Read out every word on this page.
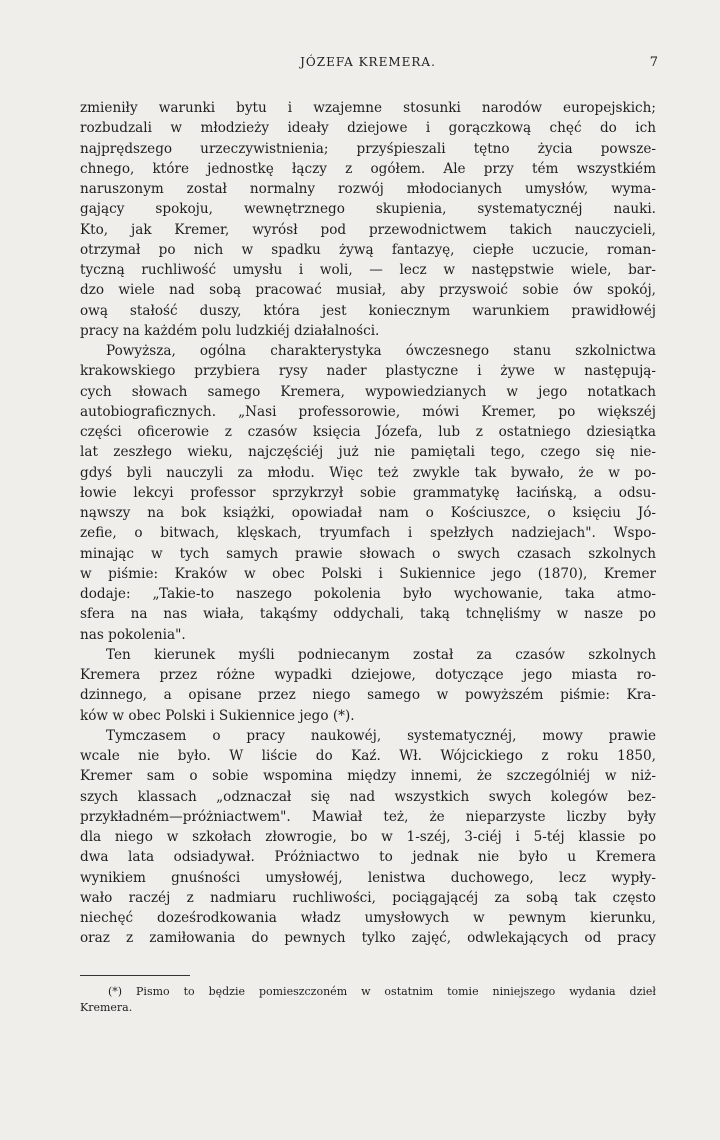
JÓZEFA KREMERA.	7
zmieniły warunki bytu i wzajemne stosunki narodów europejskich;
rozbudzali w młodzieży ideały dziejowe i gorączkową chęć do ich
najprędszego urzeczywistnienia; przyśpieszali tętno życia powsze-
chnego, które jednostkę łączy z ogółem. Ale przy tém wszystkiém
naruszonym został normalny rozwój młodocianych umysłów, wyma-
gający spokoju, wewnętrznego skupienia, systematycznéj nauki.
Kto, jak Kremer, wyrósł pod przewodnictwem takich nauczycieli,
otrzymał po nich w spadku żywą fantazyę, ciepłe uczucie, roman-
tyczną ruchliwość umysłu i woli, — lecz w następstwie wiele, bar-
dzo wiele nad sobą pracować musiał, aby przyswoić sobie ów spokój,
ową stałość duszy, która jest koniecznym warunkiem prawidłowéj
pracy na każdém polu ludzkiéj działalności.
Powyższa, ogólna charakterystyka ówczesnego stanu szkolnictwa
krakowskiego przybiera rysy nader plastyczne i żywe w następują-
cych słowach samego Kremera, wypowiedzianych w jego notatkach
autobiograficznych. „Nasi professorowie, mówi Kremer, po większéj
części oficerowie z czasów księcia Józefa, lub z ostatniego dziesiątka
lat zeszłego wieku, najczęściéj już nie pamiętali tego, czego się nie-
gdyś byli nauczyli za młodu. Więc też zwykle tak bywało, że w po-
łowie lekcyi professor sprzykrzył sobie grammatykę łacińską, a odsu-
nąwszy na bok książki, opowiadał nam o Kościuszce, o księciu Jó-
zefie, o bitwach, klęskach, tryumfach i spełzłych nadziejach". Wspo-
minając w tych samych prawie słowach o swych czasach szkolnych
w piśmie: Kraków w obec Polski i Sukiennice jego (1870), Kremer
dodaje: „Takie-to naszego pokolenia było wychowanie, taka atmo-
sfera na nas wiała, takąśmy oddychali, taką tchnęliśmy w nasze po
nas pokolenia".
Ten kierunek myśli podniecanym został za czasów szkolnych
Kremera przez różne wypadki dziejowe, dotyczące jego miasta ro-
dzinnego, a opisane przez niego samego w powyższém piśmie: Kra-
ków w obec Polski i Sukiennice jego (*).
Tymczasem o pracy naukowéj, systematycznéj, mowy prawie
wcale nie było. W liście do Kaź. Wł. Wójcickiego z roku 1850,
Kremer sam o sobie wspomina między innemi, że szczególniéj w niż-
szych klassach „odznaczał się nad wszystkich swych kolegów bez-
przykładném—próżniactwem". Mawiał też, że nieparzyste liczby były
dla niego w szkołach złowrogie, bo w 1-széj, 3-ciéj i 5-téj klassie po
dwa lata odsiadywał. Próżniactwo to jednak nie było u Kremera
wynikiem gnuśności umysłowéj, lenistwa duchowego, lecz wypły-
wało raczéj z nadmiaru ruchliwości, pociągającéj za sobą tak często
niechęć doześrodkowania władz umysłowych w pewnym kierunku,
oraz z zamiłowania do pewnych tylko zajęć, odwlekających od pracy
(*) Pismo to będzie pomieszczoném w ostatnim tomie niniejszego wydania dzieł
Kremera.
